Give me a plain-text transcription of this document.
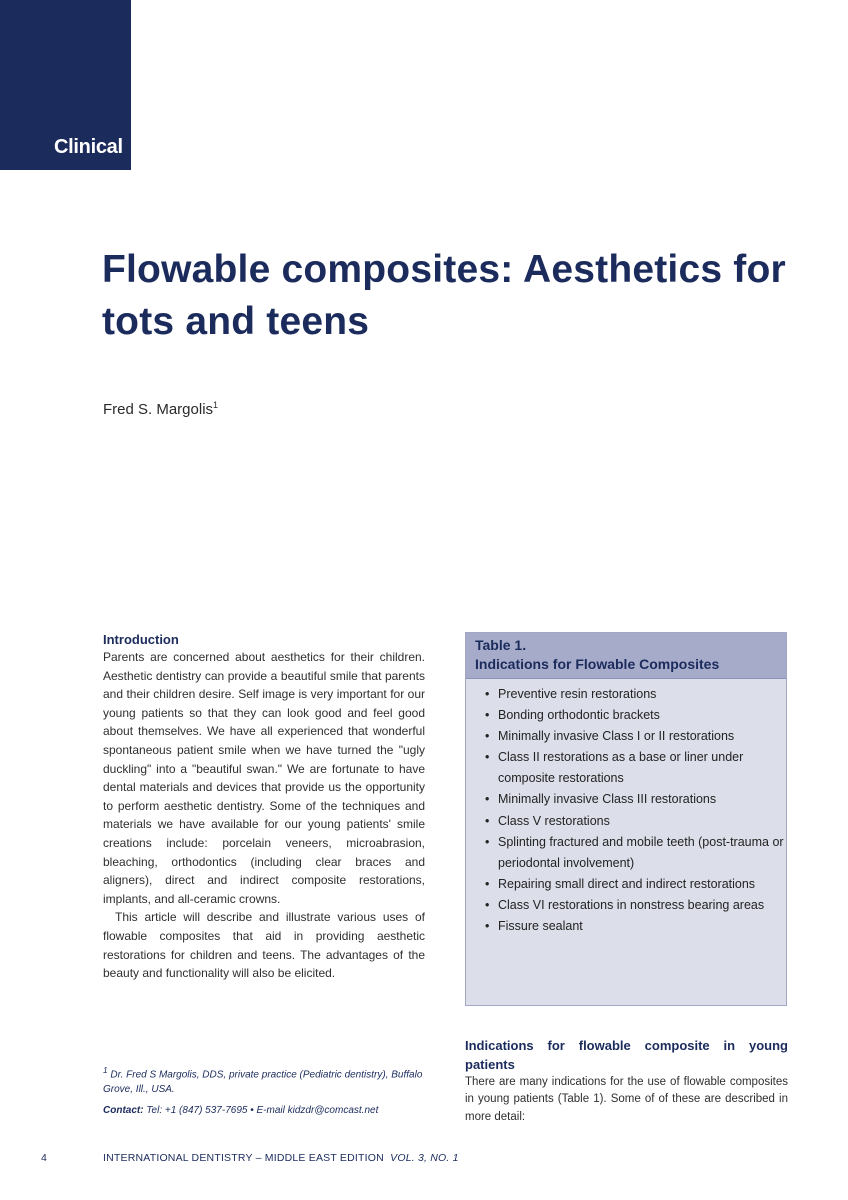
Clinical
Flowable composites: Aesthetics for tots and teens
Fred S. Margolis$^1$
Introduction

Parents are concerned about aesthetics for their children. Aesthetic dentistry can provide a beautiful smile that parents and their children desire. Self image is very important for our young patients so that they can look good and feel good about themselves. We have all experienced that wonderful spontaneous patient smile when we have turned the "ugly duckling" into a "beautiful swan." We are fortunate to have dental materials and devices that provide us the opportunity to perform aesthetic dentistry. Some of the techniques and materials we have available for our young patients' smile creations include: porcelain veneers, microabrasion, bleaching, orthodontics (including clear braces and aligners), direct and indirect composite restorations, implants, and all-ceramic crowns.

This article will describe and illustrate various uses of flowable composites that aid in providing aesthetic restorations for children and teens. The advantages of the beauty and functionality will also be elicited.

Table 1.
Indications for Flowable Composites
• Preventive resin restorations
• Bonding orthodontic brackets
• Minimally invasive Class I or II restorations
• Class II restorations as a base or liner under composite restorations
• Minimally invasive Class III restorations
• Class V restorations
• Splinting fractured and mobile teeth (post-trauma or periodontal involvement)
• Repairing small direct and indirect restorations
• Class VI restorations in nonstress bearing areas
• Fissure sealant
Indications for flowable composite in young patients

There are many indications for the use of flowable composites in young patients (Table 1). Some of of these are described in more detail:

$^1$ Dr. Fred S Margolis, DDS, private practice (Pediatric dentistry), Buffalo Grove, Ill., USA.
Contact: Tel: +1 (847) 537-7695 • E-mail kidzdr@comcast.net
4	INTERNATIONAL DENTISTRY – MIDDLE EAST EDITION VOL. 3, NO. 1
